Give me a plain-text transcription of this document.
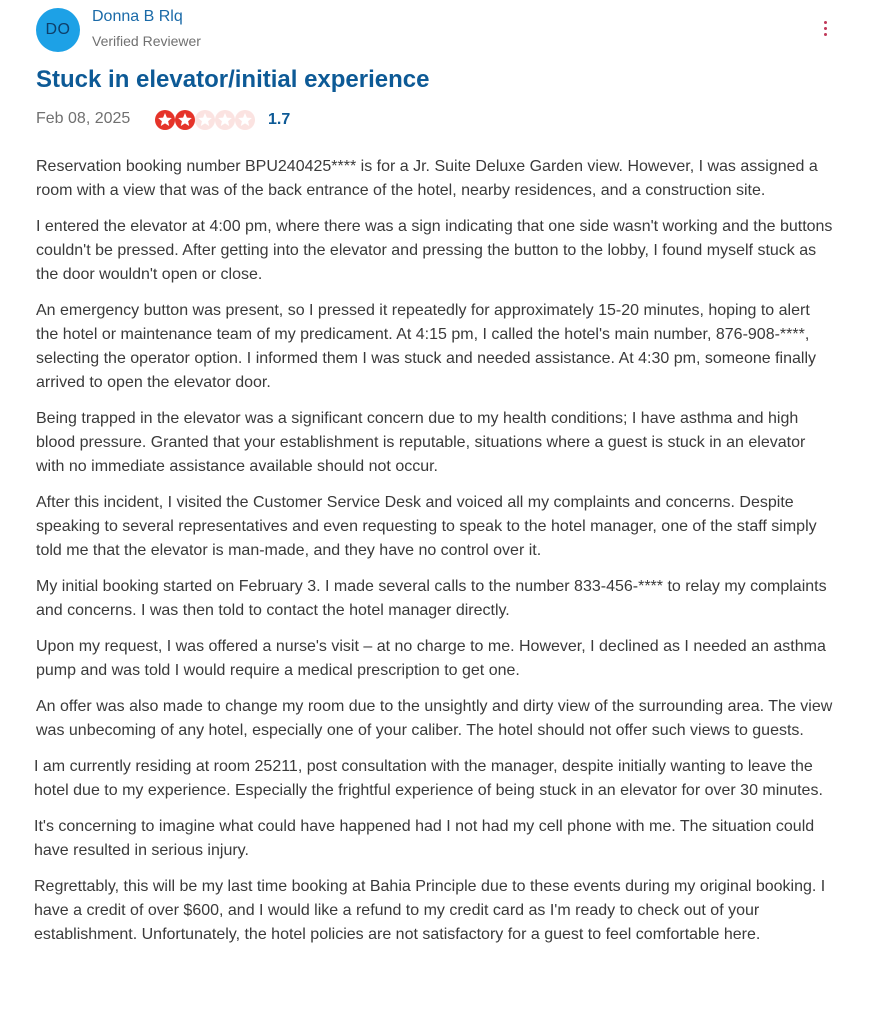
DO
Donna B Rlq
Verified Reviewer
Stuck in elevator/initial experience
Feb 08, 2025	1.7

Reservation booking number BPU240425**** is for a Jr. Suite Deluxe Garden view. However, I was assigned a room with a view that was of the back entrance of the hotel, nearby residences, and a construction site.

I entered the elevator at 4:00 pm, where there was a sign indicating that one side wasn't working and the buttons couldn't be pressed. After getting into the elevator and pressing the button to the lobby, I found myself stuck as the door wouldn't open or close.

An emergency button was present, so I pressed it repeatedly for approximately 15-20 minutes, hoping to alert the hotel or maintenance team of my predicament. At 4:15 pm, I called the hotel's main number, 876-908-****, selecting the operator option. I informed them I was stuck and needed assistance. At 4:30 pm, someone finally arrived to open the elevator door.

Being trapped in the elevator was a significant concern due to my health conditions; I have asthma and high blood pressure. Granted that your establishment is reputable, situations where a guest is stuck in an elevator with no immediate assistance available should not occur.

After this incident, I visited the Customer Service Desk and voiced all my complaints and concerns. Despite speaking to several representatives and even requesting to speak to the hotel manager, one of the staff simply told me that the elevator is man-made, and they have no control over it.

My initial booking started on February 3. I made several calls to the number 833-456-**** to relay my complaints and concerns. I was then told to contact the hotel manager directly.

Upon my request, I was offered a nurse's visit – at no charge to me. However, I declined as I needed an asthma pump and was told I would require a medical prescription to get one.

An offer was also made to change my room due to the unsightly and dirty view of the surrounding area. The view was unbecoming of any hotel, especially one of your caliber. The hotel should not offer such views to guests.

I am currently residing at room 25211, post consultation with the manager, despite initially wanting to leave the hotel due to my experience. Especially the frightful experience of being stuck in an elevator for over 30 minutes.

It's concerning to imagine what could have happened had I not had my cell phone with me. The situation could have resulted in serious injury.

Regrettably, this will be my last time booking at Bahia Principle due to these events during my original booking. I have a credit of over $600, and I would like a refund to my credit card as I'm ready to check out of your establishment. Unfortunately, the hotel policies are not satisfactory for a guest to feel comfortable here.
